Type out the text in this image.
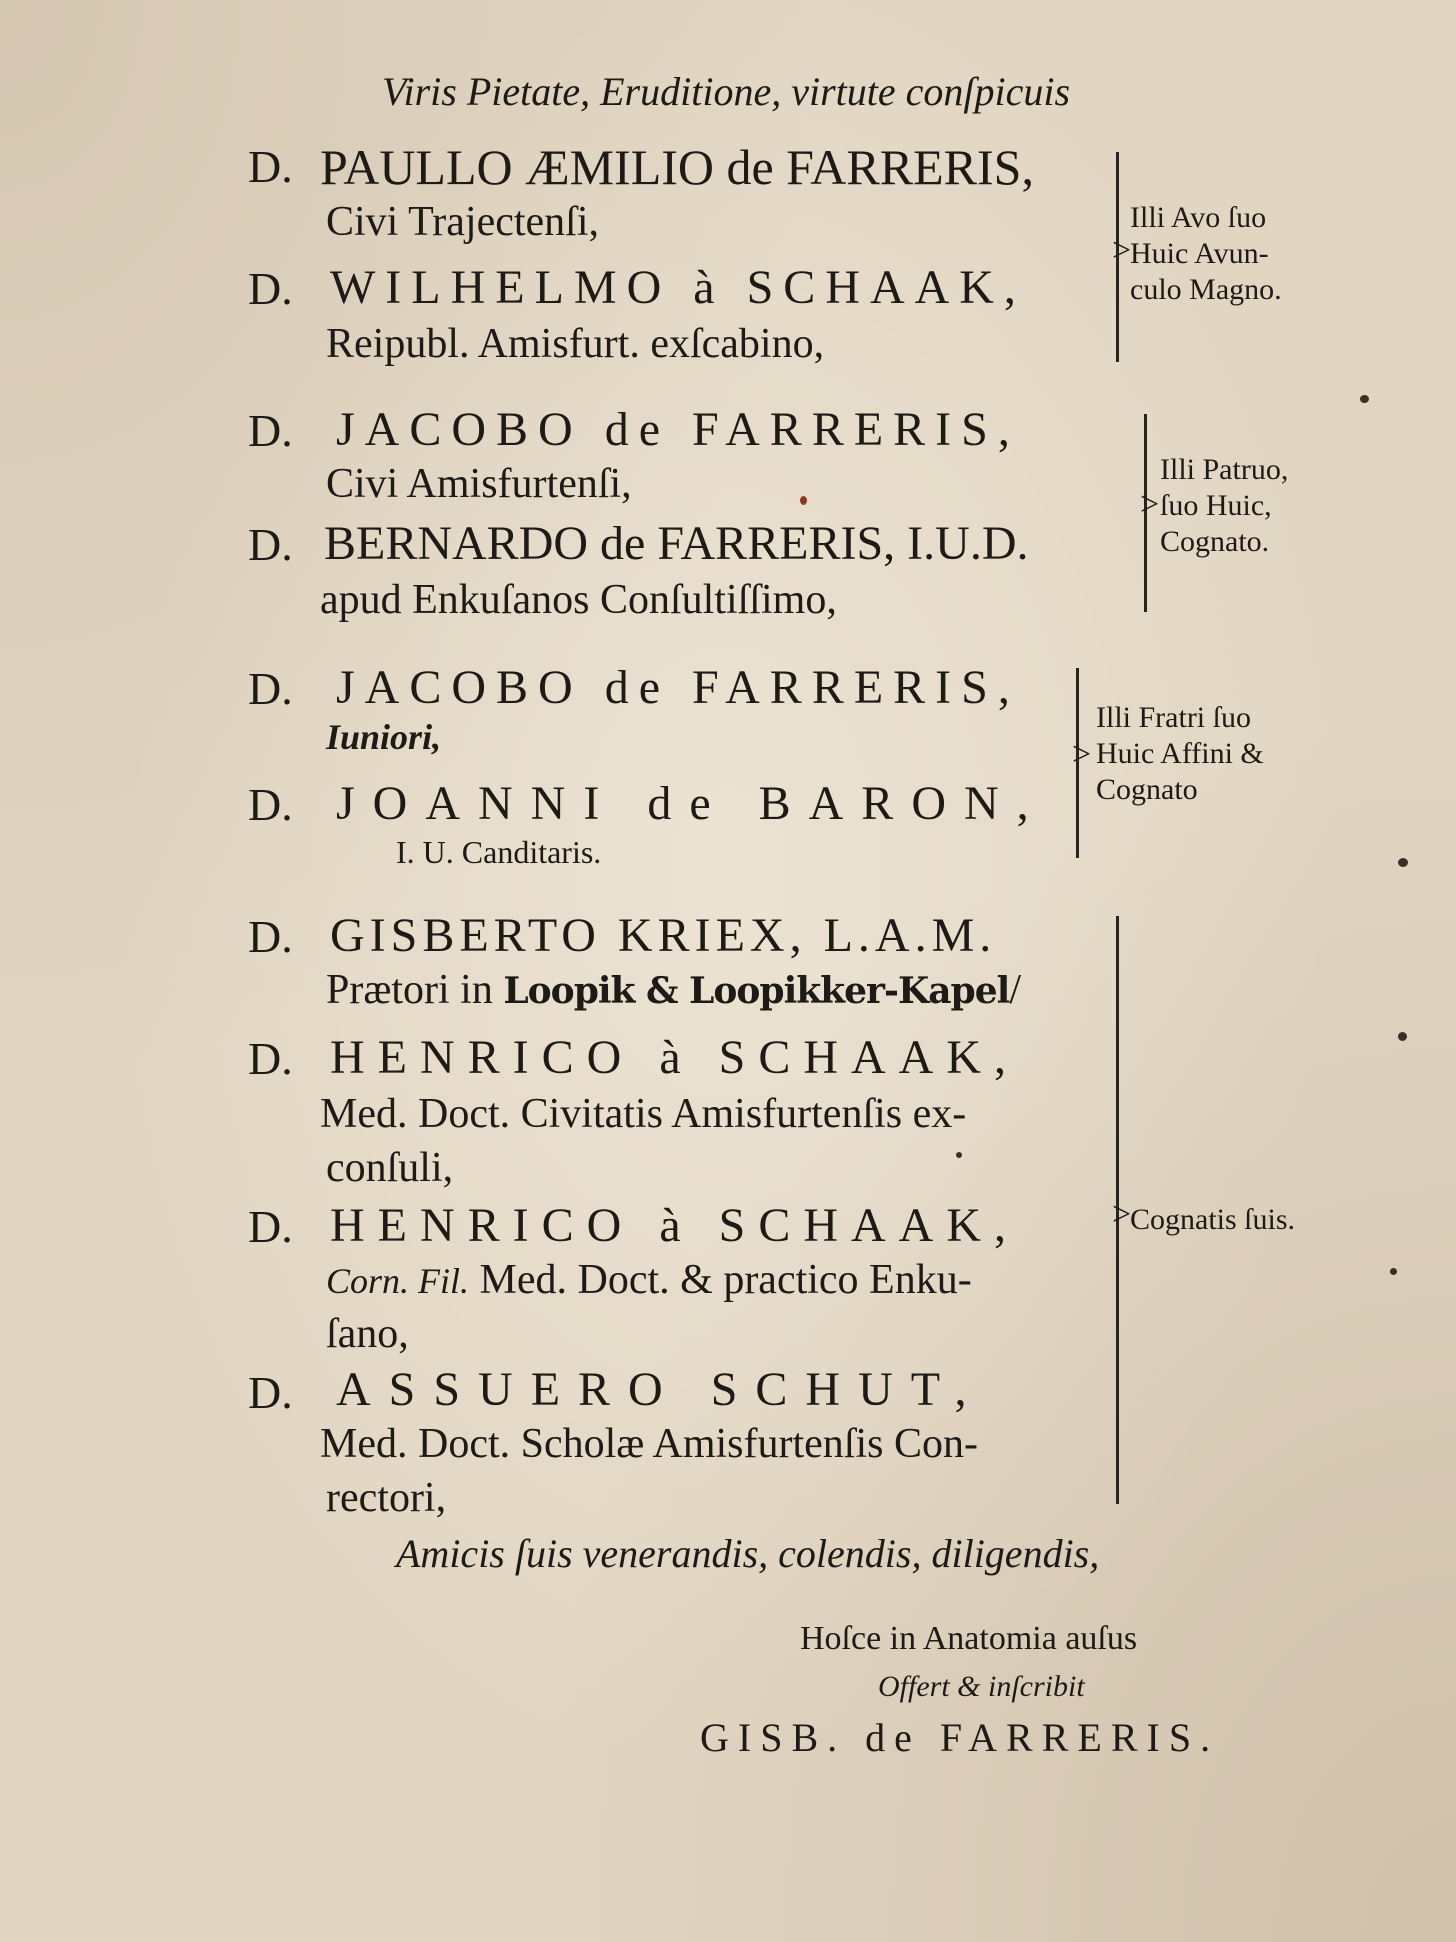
Viris Pietate, Eruditione, virtute conſpicuis
D. PAULLO ÆMILIO de FARRERIS,
Civi Trajectenſi,
D. WILHELMO à SCHAAK,
Reipubl. Amisfurt. exſcabino,
>
Illi Avo ſuo
Huic Avun-
culo Magno.
D. JACOBO de FARRERIS,
Civi Amisfurtenſi,
D. BERNARDO de FARRERIS, I.U.D.
apud Enkuſanos Conſultiſſimo,
>
Illi Patruo,
ſuo Huic,
Cognato.
D. JACOBO de FARRERIS,
Iuniori,
D. JOANNI de BARON,
I. U. Canditaris.
>
Illi Fratri ſuo
Huic Affini &
Cognato
D. GISBERTO KRIEX, L.A.M.
Prætori in Loopik & Loopikker-Kapel/
D. HENRICO à SCHAAK,
Med. Doct. Civitatis Amisfurtenſis ex-
conſuli,
D. HENRICO à SCHAAK,
Corn. Fil. Med. Doct. & practico Enku-
ſano,
D. ASSUERO SCHUT,
Med. Doct. Scholæ Amisfurtenſis Con-
rectori,
>
Cognatis ſuis.
Amicis ſuis venerandis, colendis, diligendis,
Hoſce in Anatomia auſus
Offert & inſcribit
GISB. de FARRERIS.
